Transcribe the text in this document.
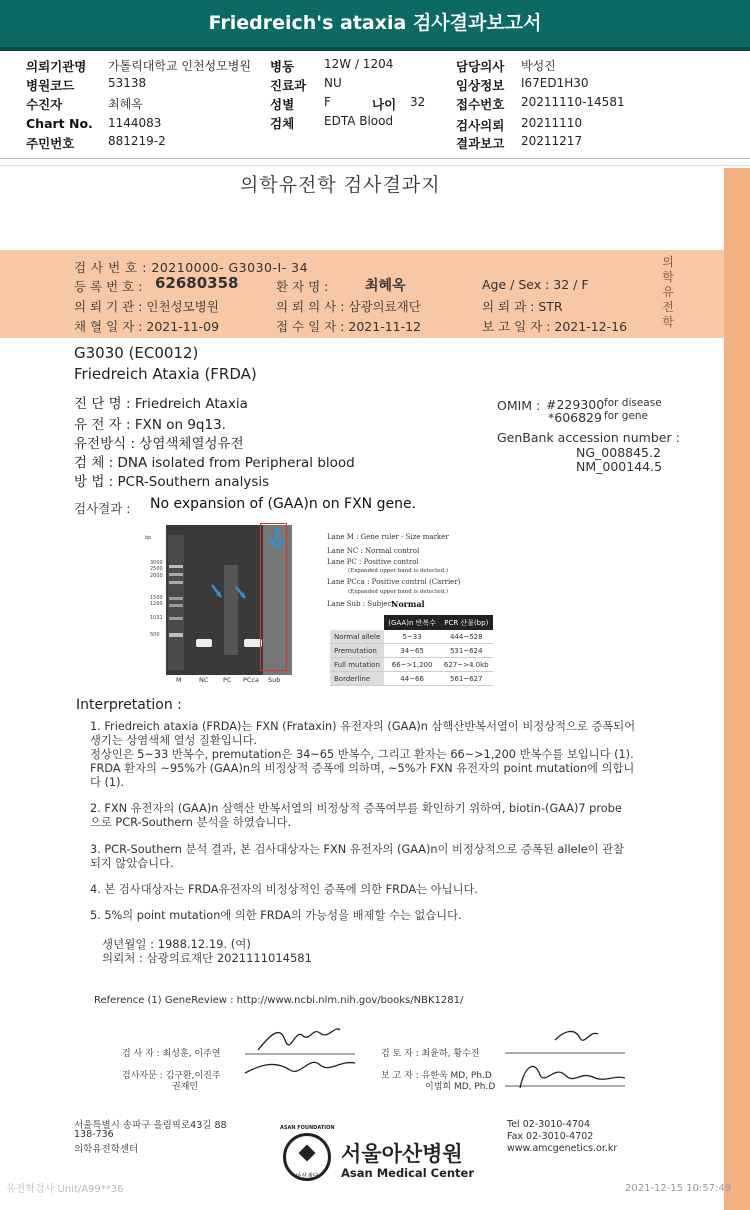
Friedreich's ataxia 검사결과보고서
의뢰기관명 가톨릭대학교 인천성모병원
병원코드	53138
수진자	최혜옥
Chart No. 1144083
주민번호	881219-2
병동 12W / 1204
진료과 NU
성별 F	나이 32
검체 EDTA Blood
담당의사 박성진
임상정보 I67ED1H30
접수번호 20211110-14581
검사의뢰 20211110
결과보고 20211217
의학유전학 검사결과지
의
학
유
전
학
검 사 번 호 : 20210000- G3030-I- 34
등 록 번 호 : 62680358	환 자 명 :	최혜옥	Age / Sex : 32 / F
의 뢰 기 관 : 인천성모병원	의 뢰 의 사 : 삼광의료재단	의 뢰 과 : STR
채 혈 일 자 : 2021-11-09	접 수 일 자 : 2021-11-12	보 고 일 자 : 2021-12-16
G3030 (EC0012)
Friedreich Ataxia (FRDA)
진 단 명 : Friedreich Ataxia
유 전 자 : FXN on 9q13.
유전방식 : 상염색체열성유전
검 체 : DNA isolated from Peripheral blood
방 법 : PCR-Southern analysis
OMIM : #229300 for disease
*606829 for gene
GenBank accession number :
NG_008845.2
NM_000144.5
검사결과 : No expansion of (GAA)n on FXN gene.
bp
3000
2500
2000
1500
1200
1031
500
M	NC PC PCca Sub
Lane M : Gene ruler - Size marker
Lane NC : Normal control
Lane PC : Positive control
(Expanded upper band is detected.)
Lane PCca : Positive control (Carrier)
(Expanded upper band is detected.)
Lane Sub : Subject-
Normal
	(GAA)n 반복수	PCR 산물(bp)
Normal allele	5~33	444~528
Premutation	34~65	531~624
Full mutation	66~>1,200	627~>4.0kb
Borderline	44~66	561~627
Interpretation :
1. Friedreich ataxia (FRDA)는 FXN (Frataxin) 유전자의 (GAA)n 삼핵산반복서열이 비정상적으로 증폭되어
생기는 상염색체 열성 질환입니다.
정상인은 5~33 반복수, premutation은 34~65 반복수, 그리고 환자는 66~>1,200 반복수를 보입니다 (1).
FRDA 환자의 ~95%가 (GAA)n의 비정상적 증폭에 의하며, ~5%가 FXN 유전자의 point mutation에 의합니
다 (1).
2. FXN 유전자의 (GAA)n 삼핵산 반복서열의 비정상적 증폭여부를 확인하기 위하여, biotin-(GAA)7 probe
으로 PCR-Southern 분석을 하였습니다.
3. PCR-Southern 분석 결과, 본 검사대상자는 FXN 유전자의 (GAA)n이 비정상적으로 증폭된 allele이 관찰
되지 않았습니다.
4. 본 검사대상자는 FRDA유전자의 비정상적인 증폭에 의한 FRDA는 아닙니다.
5. 5%의 point mutation에 의한 FRDA의 가능성을 배제할 수는 없습니다.
생년월일 : 1988.12.19. (여)
의뢰처 : 삼광의료재단 2021111014581
Reference (1) GeneReview : http://www.ncbi.nlm.nih.gov/books/NBK1281/
검 사 자 : 최성훈, 이주연
검사자문 : 김구환,이진주
권재민
검 토 자 : 최윤하, 황수진
보 고 자 : 유한욱 MD, Ph.D
이범희 MD, Ph.D
서울특별시 송파구 올림픽로43길 88
138-736
의학유전학센터
Tel 02-3010-4704
Fax 02-3010-4702
www.amcgenetics.or.kr
ASAN FOUNDATION
아산재단
서울아산병원
Asan Medical Center
유전학검사 Unit/A99**36	2021-12-15 10:57:49
